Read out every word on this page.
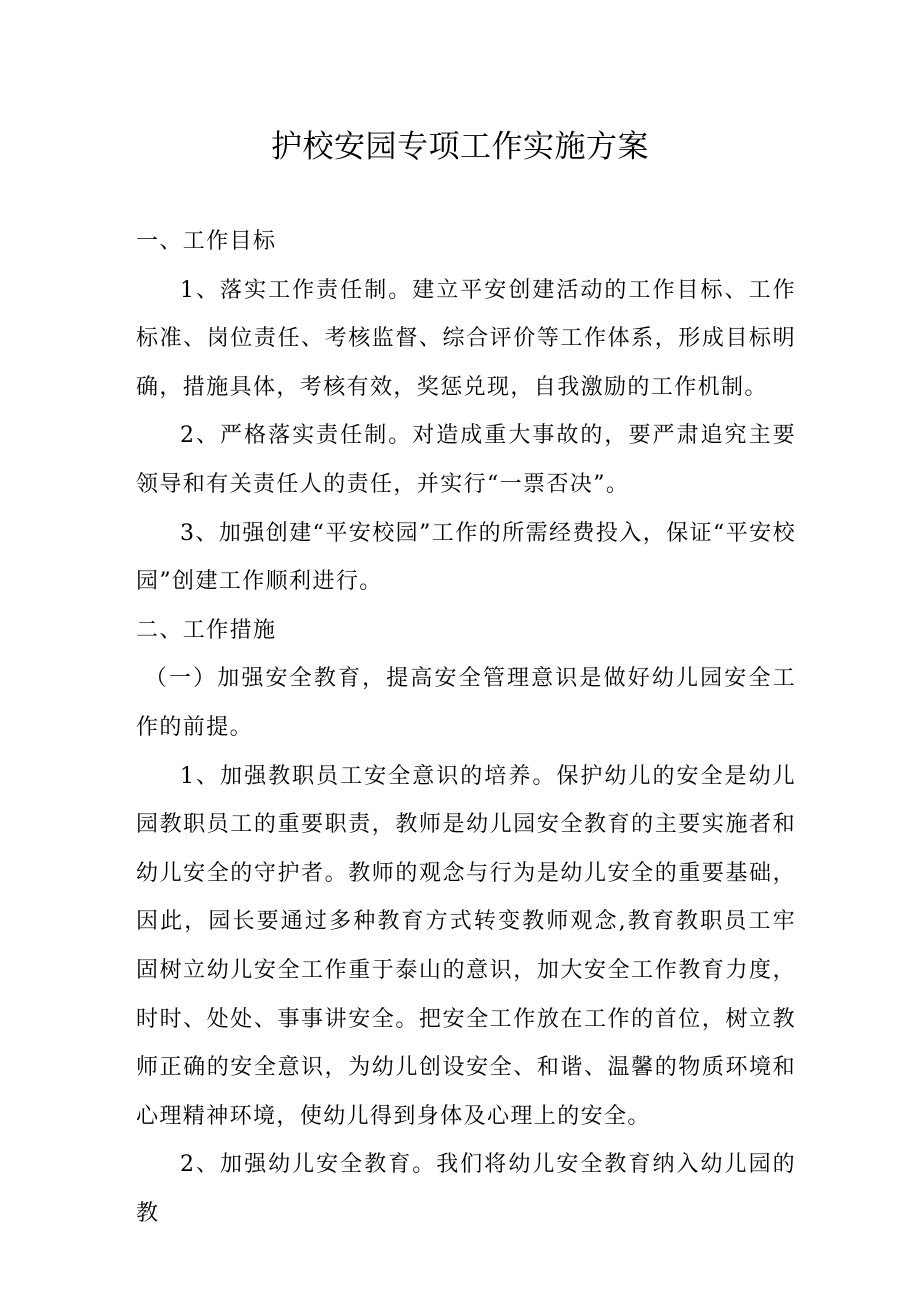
护校安园专项工作实施方案
一、工作目标

1、落实工作责任制。建立平安创建活动的工作目标、工作标准、岗位责任、考核监督、综合评价等工作体系，形成目标明确，措施具体，考核有效，奖惩兑现，自我激励的工作机制。

2、严格落实责任制。对造成重大事故的，要严肃追究主要领导和有关责任人的责任，并实行“一票否决”。

3、加强创建“平安校园”工作的所需经费投入，保证“平安校园”创建工作顺利进行。

二、工作措施

（一）加强安全教育，提高安全管理意识是做好幼儿园安全工作的前提。

1、加强教职员工安全意识的培养。保护幼儿的安全是幼儿园教职员工的重要职责，教师是幼儿园安全教育的主要实施者和幼儿安全的守护者。教师的观念与行为是幼儿安全的重要基础，因此，园长要通过多种教育方式转变教师观念,教育教职员工牢固树立幼儿安全工作重于泰山的意识，加大安全工作教育力度，时时、处处、事事讲安全。把安全工作放在工作的首位，树立教师正确的安全意识，为幼儿创设安全、和谐、温馨的物质环境和心理精神环境，使幼儿得到身体及心理上的安全。

2、加强幼儿安全教育。我们将幼儿安全教育纳入幼儿园的教
